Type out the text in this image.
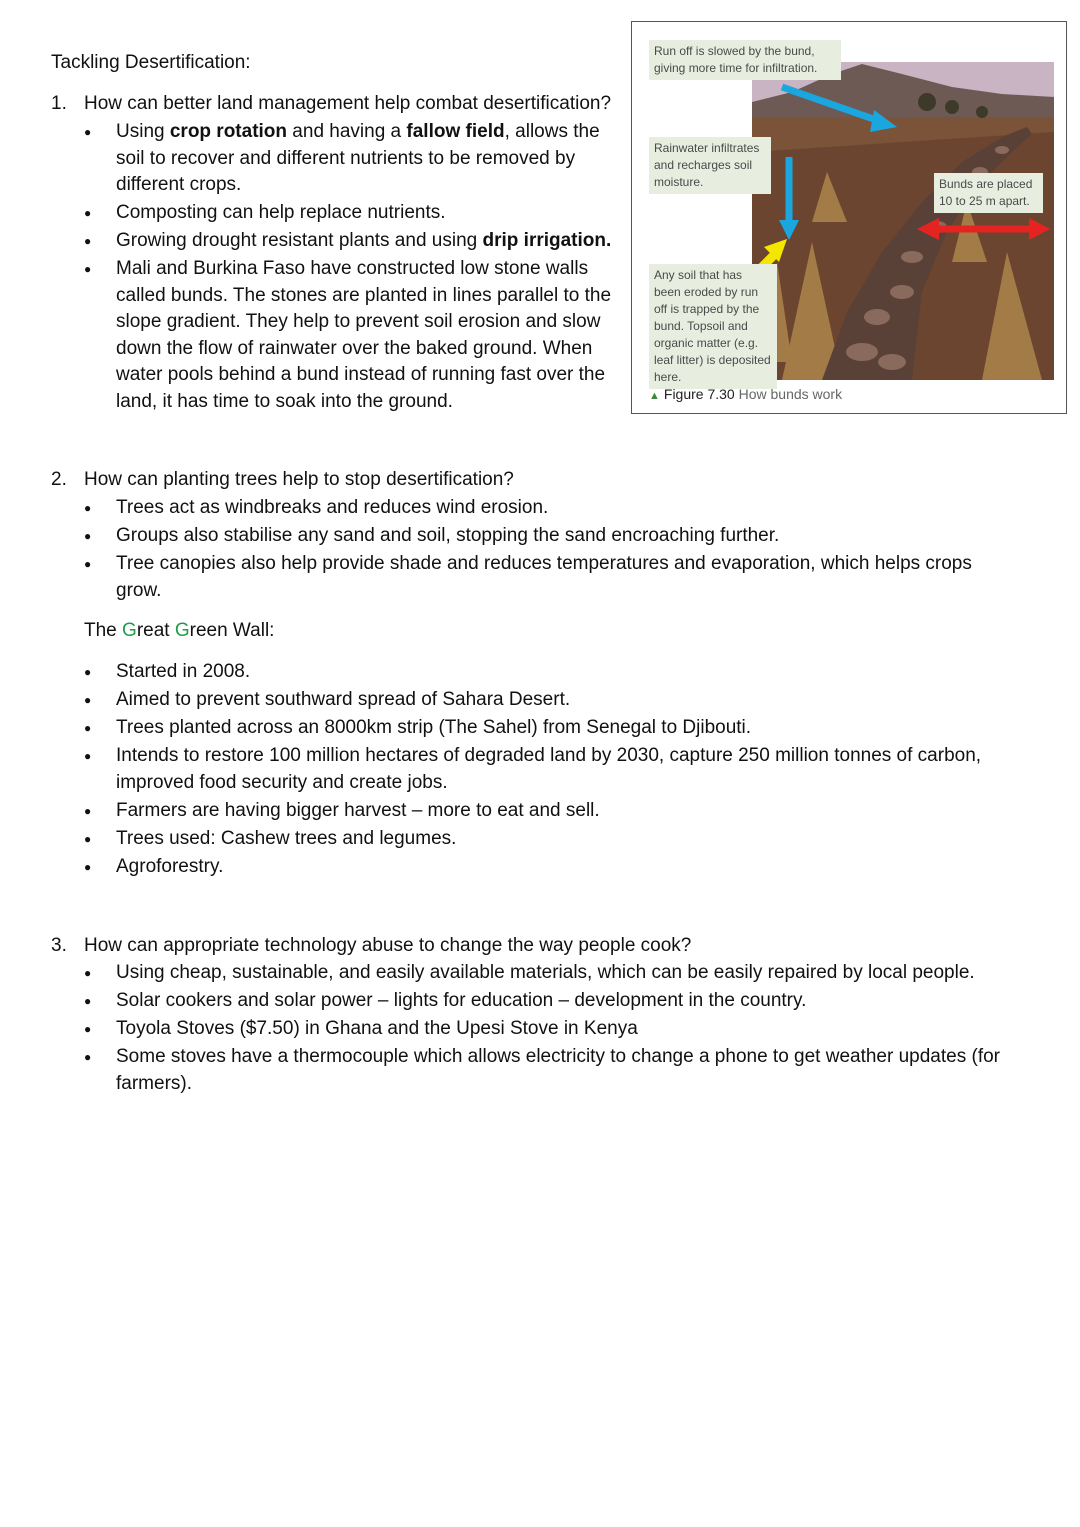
Tackling Desertification:
1. How can better land management help combat desertification?
● Using crop rotation and having a fallow field, allows the soil to recover and different nutrients to be removed by different crops.
● Composting can help replace nutrients.
● Growing drought resistant plants and using drip irrigation.
● Mali and Burkina Faso have constructed low stone walls called bunds. The stones are planted in lines parallel to the slope gradient. They help to prevent soil erosion and slow down the flow of rainwater over the baked ground. When water pools behind a bund instead of running fast over the land, it has time to soak into the ground.
Run off is slowed by the bund, giving more time for infiltration.
Rainwater infiltrates and recharges soil moisture.	Bunds are placed 10 to 25 m apart.
Any soil that has been eroded by run off is trapped by the bund. Topsoil and organic matter (e.g. leaf litter) is deposited here.
▲ Figure 7.30 How bunds work
2. How can planting trees help to stop desertification?
● Trees act as windbreaks and reduces wind erosion.
● Groups also stabilise any sand and soil, stopping the sand encroaching further.
● Tree canopies also help provide shade and reduces temperatures and evaporation, which helps crops grow.
The Great Green Wall:
● Started in 2008.
● Aimed to prevent southward spread of Sahara Desert.
● Trees planted across an 8000km strip (The Sahel) from Senegal to Djibouti.
● Intends to restore 100 million hectares of degraded land by 2030, capture 250 million tonnes of carbon, improved food security and create jobs.
● Farmers are having bigger harvest – more to eat and sell.
● Trees used: Cashew trees and legumes.
● Agroforestry.
3. How can appropriate technology abuse to change the way people cook?
● Using cheap, sustainable, and easily available materials, which can be easily repaired by local people.
● Solar cookers and solar power – lights for education – development in the country.
● Toyola Stoves ($7.50) in Ghana and the Upesi Stove in Kenya
● Some stoves have a thermocouple which allows electricity to change a phone to get weather updates (for farmers).
